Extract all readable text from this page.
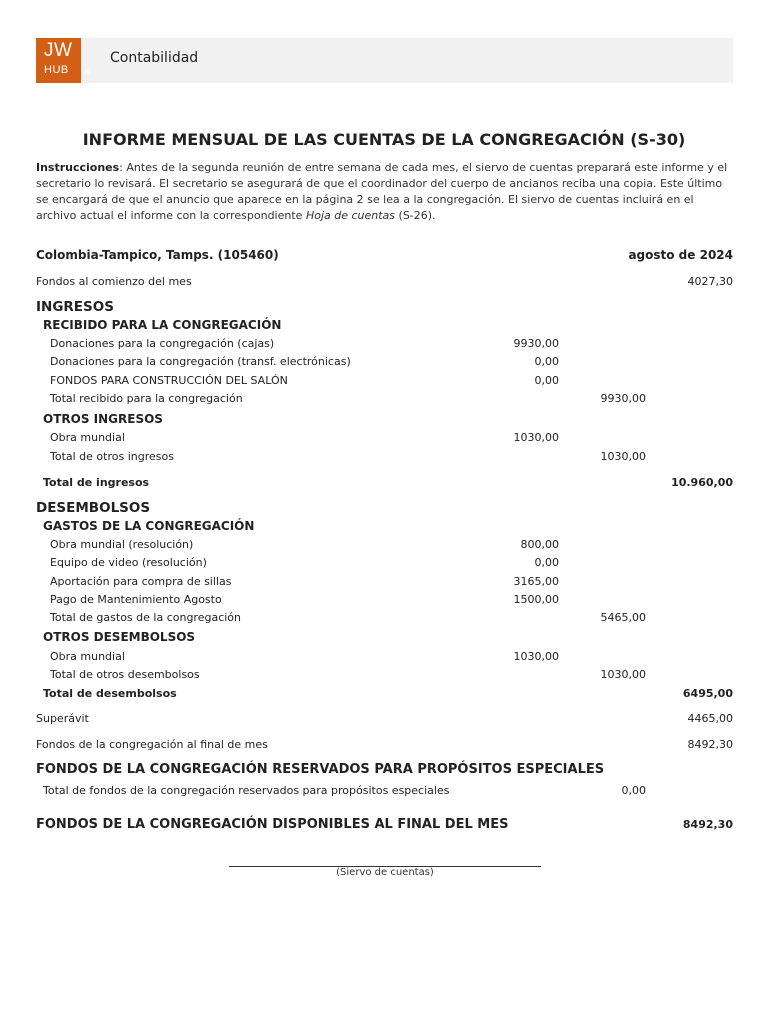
JW
HUB ®
Contabilidad
INFORME MENSUAL DE LAS CUENTAS DE LA CONGREGACIÓN (S-30)
Instrucciones: Antes de la segunda reunión de entre semana de cada mes, el siervo de cuentas preparará este informe y el secretario lo revisará. El secretario se asegurará de que el coordinador del cuerpo de ancianos reciba una copia. Este último se encargará de que el anuncio que aparece en la página 2 se lea a la congregación. El siervo de cuentas incluirá en el archivo actual el informe con la correspondiente Hoja de cuentas (S-26).
Colombia-Tampico, Tamps. (105460)	agosto de 2024
Fondos al comienzo del mes	4027,30
INGRESOS
RECIBIDO PARA LA CONGREGACIÓN
Donaciones para la congregación (cajas)	9930,00
Donaciones para la congregación (transf. electrónicas)	0,00
FONDOS PARA CONSTRUCCIÓN DEL SALÓN	0,00
Total recibido para la congregación	9930,00
OTROS INGRESOS
Obra mundial	1030,00
Total de otros ingresos	1030,00
Total de ingresos	10.960,00
DESEMBOLSOS
GASTOS DE LA CONGREGACIÓN
Obra mundial (resolución)	800,00
Equipo de video (resolución)	0,00
Aportación para compra de sillas	3165,00
Pago de Mantenimiento Agosto	1500,00
Total de gastos de la congregación	5465,00
OTROS DESEMBOLSOS
Obra mundial	1030,00
Total de otros desembolsos	1030,00
Total de desembolsos	6495,00
Superávit	4465,00
Fondos de la congregación al final de mes	8492,30
FONDOS DE LA CONGREGACIÓN RESERVADOS PARA PROPÓSITOS ESPECIALES
Total de fondos de la congregación reservados para propósitos especiales	0,00
FONDOS DE LA CONGREGACIÓN DISPONIBLES AL FINAL DEL MES	8492,30
(Siervo de cuentas)
